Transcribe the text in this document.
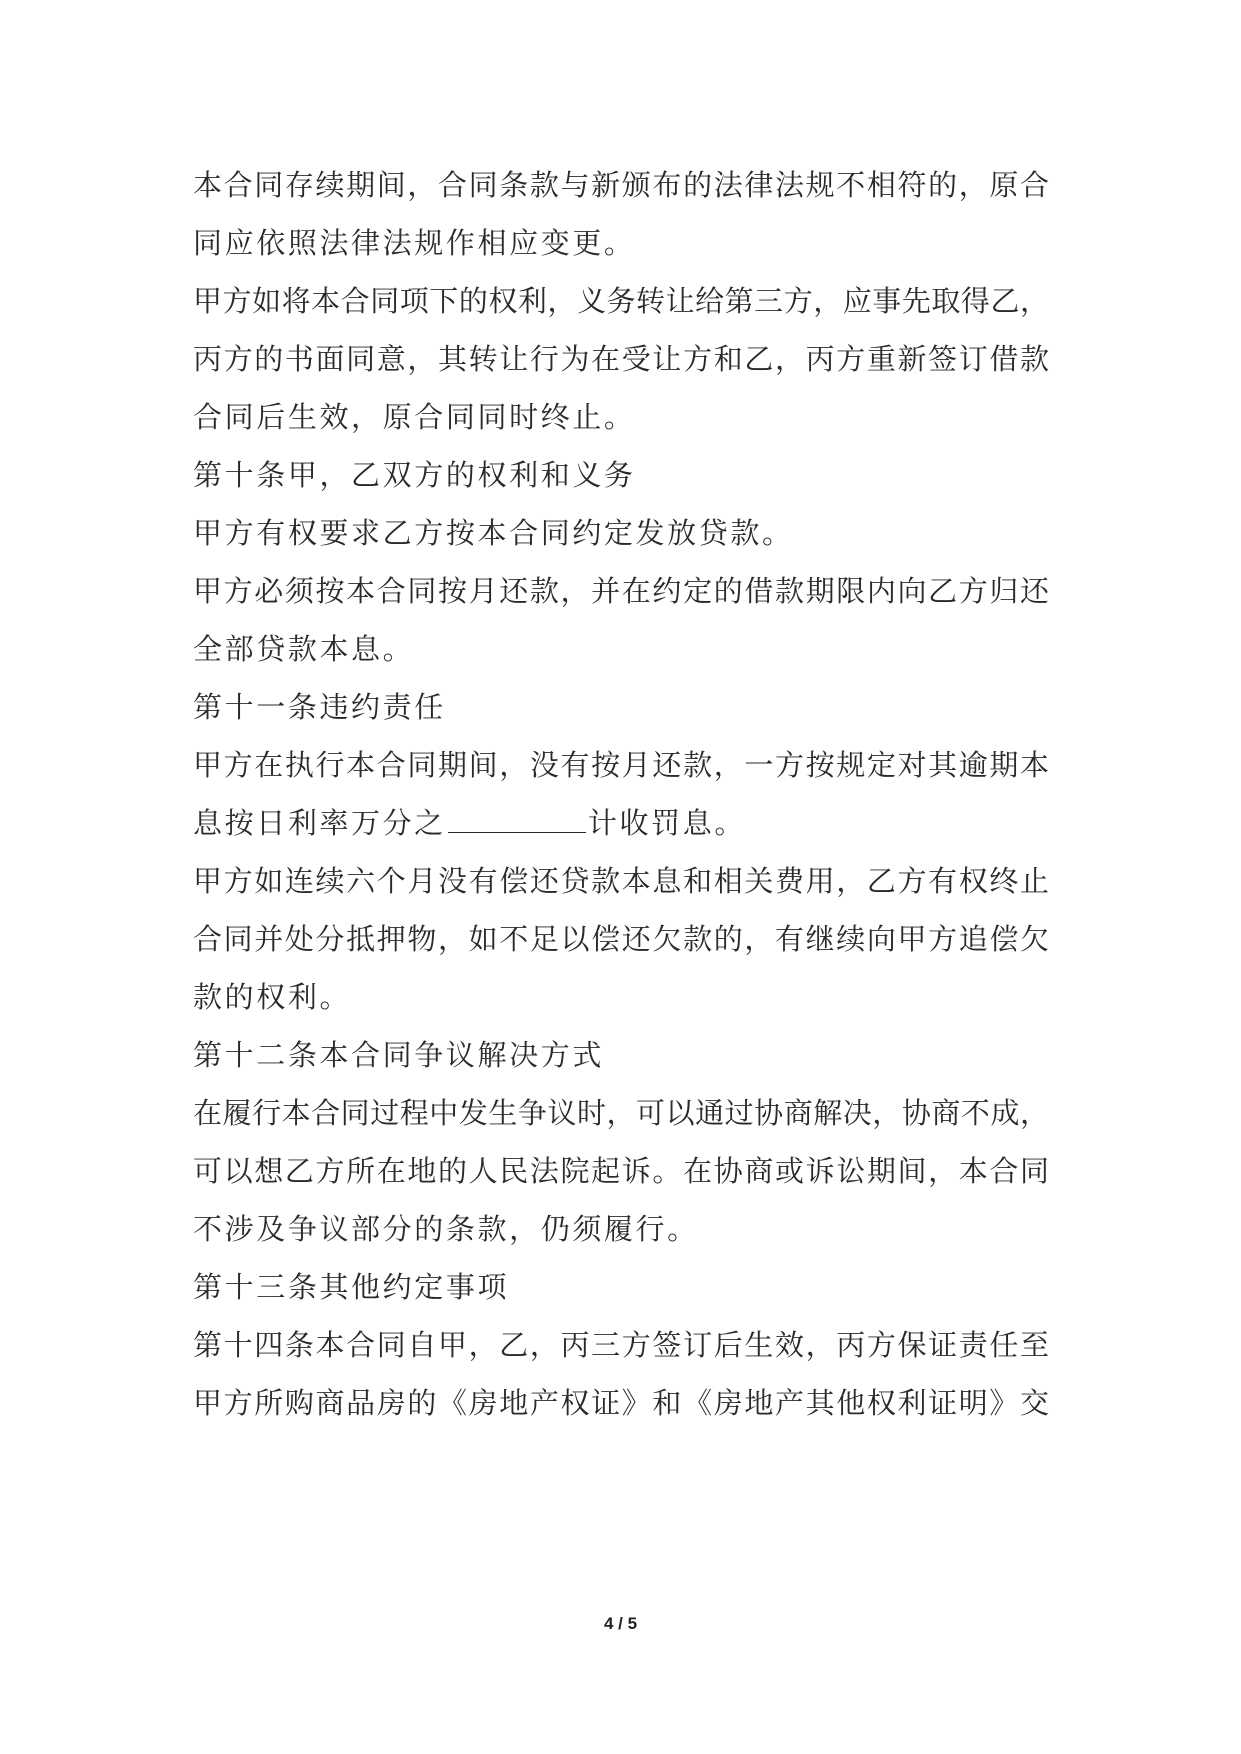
本合同存续期间，合同条款与新颁布的法律法规不相符的，原合
同应依照法律法规作相应变更。
甲方如将本合同项下的权利，义务转让给第三方，应事先取得乙，
丙方的书面同意，其转让行为在受让方和乙，丙方重新签订借款
合同后生效，原合同同时终止。
第十条甲，乙双方的权利和义务
甲方有权要求乙方按本合同约定发放贷款。
甲方必须按本合同按月还款，并在约定的借款期限内向乙方归还
全部贷款本息。
第十一条违约责任
甲方在执行本合同期间，没有按月还款，一方按规定对其逾期本
息按日利率万分之	计收罚息。
甲方如连续六个月没有偿还贷款本息和相关费用，乙方有权终止
合同并处分抵押物，如不足以偿还欠款的，有继续向甲方追偿欠
款的权利。
第十二条本合同争议解决方式
在履行本合同过程中发生争议时，可以通过协商解决，协商不成，
可以想乙方所在地的人民法院起诉。在协商或诉讼期间，本合同
不涉及争议部分的条款，仍须履行。
第十三条其他约定事项
第十四条本合同自甲，乙，丙三方签订后生效，丙方保证责任至
甲方所购商品房的《房地产权证》和《房地产其他权利证明》交
4 / 5
